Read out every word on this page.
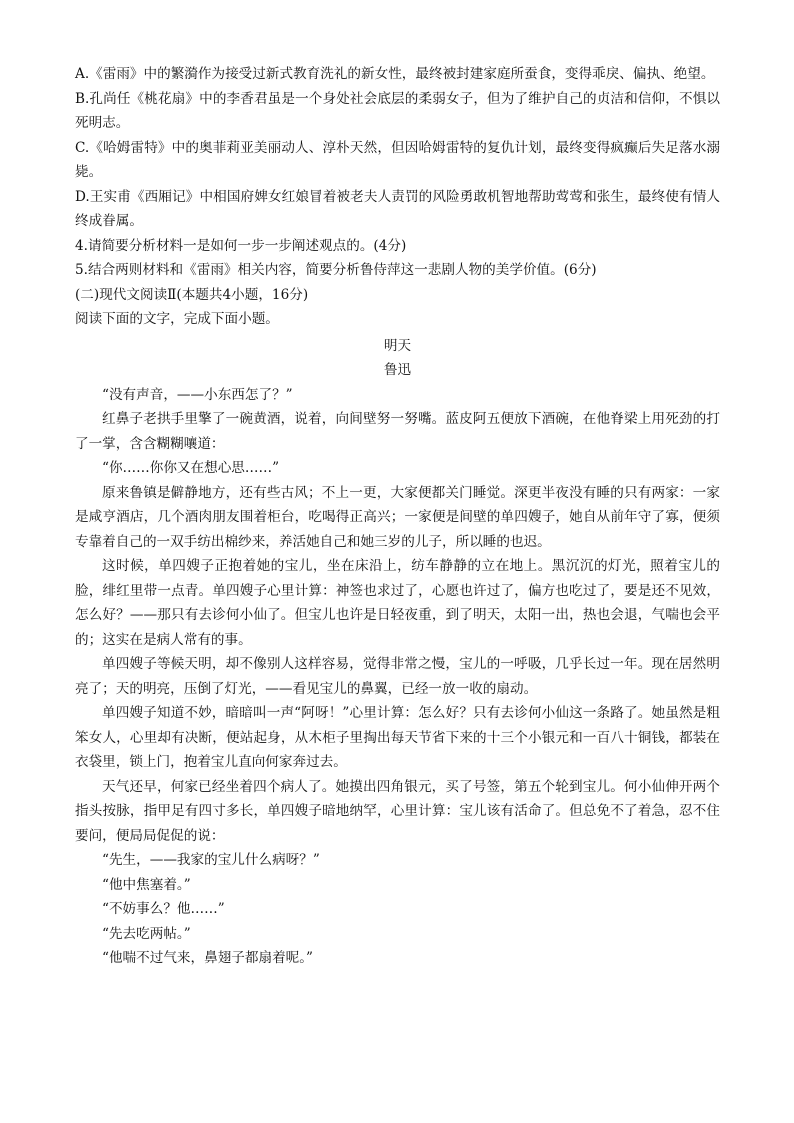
A.《雷雨》中的繁漪作为接受过新式教育洗礼的新女性，最终被封建家庭所蚕食，变得乖戾、偏执、绝望。

B.孔尚任《桃花扇》中的李香君虽是一个身处社会底层的柔弱女子，但为了维护自己的贞洁和信仰，不惧以死明志。

C.《哈姆雷特》中的奥菲莉亚美丽动人、淳朴天然，但因哈姆雷特的复仇计划，最终变得疯癫后失足落水溺毙。

D.王实甫《西厢记》中相国府婢女红娘冒着被老夫人责罚的风险勇敢机智地帮助莺莺和张生，最终使有情人终成眷属。

4.请简要分析材料一是如何一步一步阐述观点的。(4分)

5.结合两则材料和《雷雨》相关内容，简要分析鲁侍萍这一悲剧人物的美学价值。(6分)

(二)现代文阅读Ⅱ(本题共4小题，16分)

阅读下面的文字，完成下面小题。

明天

鲁迅

“没有声音，——小东西怎了？”

红鼻子老拱手里擎了一碗黄酒，说着，向间壁努一努嘴。蓝皮阿五便放下酒碗，在他脊梁上用死劲的打了一掌，含含糊糊嚷道：

“你……你你又在想心思……”

原来鲁镇是僻静地方，还有些古风；不上一更，大家便都关门睡觉。深更半夜没有睡的只有两家：一家是咸亨酒店，几个酒肉朋友围着柜台，吃喝得正高兴；一家便是间壁的单四嫂子，她自从前年守了寡，便须专靠着自己的一双手纺出棉纱来，养活她自己和她三岁的儿子，所以睡的也迟。

这时候，单四嫂子正抱着她的宝儿，坐在床沿上，纺车静静的立在地上。黑沉沉的灯光，照着宝儿的脸，绯红里带一点青。单四嫂子心里计算：神签也求过了，心愿也许过了，偏方也吃过了，要是还不见效，怎么好？——那只有去诊何小仙了。但宝儿也许是日轻夜重，到了明天，太阳一出，热也会退，气喘也会平的；这实在是病人常有的事。

单四嫂子等候天明，却不像别人这样容易，觉得非常之慢，宝儿的一呼吸，几乎长过一年。现在居然明亮了；天的明亮，压倒了灯光，——看见宝儿的鼻翼，已经一放一收的扇动。

单四嫂子知道不妙，暗暗叫一声“阿呀！”心里计算：怎么好？只有去诊何小仙这一条路了。她虽然是粗笨女人，心里却有决断，便站起身，从木柜子里掏出每天节省下来的十三个小银元和一百八十铜钱，都装在衣袋里，锁上门，抱着宝儿直向何家奔过去。

天气还早，何家已经坐着四个病人了。她摸出四角银元，买了号签，第五个轮到宝儿。何小仙伸开两个指头按脉，指甲足有四寸多长，单四嫂子暗地纳罕，心里计算：宝儿该有活命了。但总免不了着急，忍不住要问，便局局促促的说：

“先生，——我家的宝儿什么病呀？”

“他中焦塞着。”

“不妨事么？他……”

“先去吃两帖。”

“他喘不过气来，鼻翅子都扇着呢。”
